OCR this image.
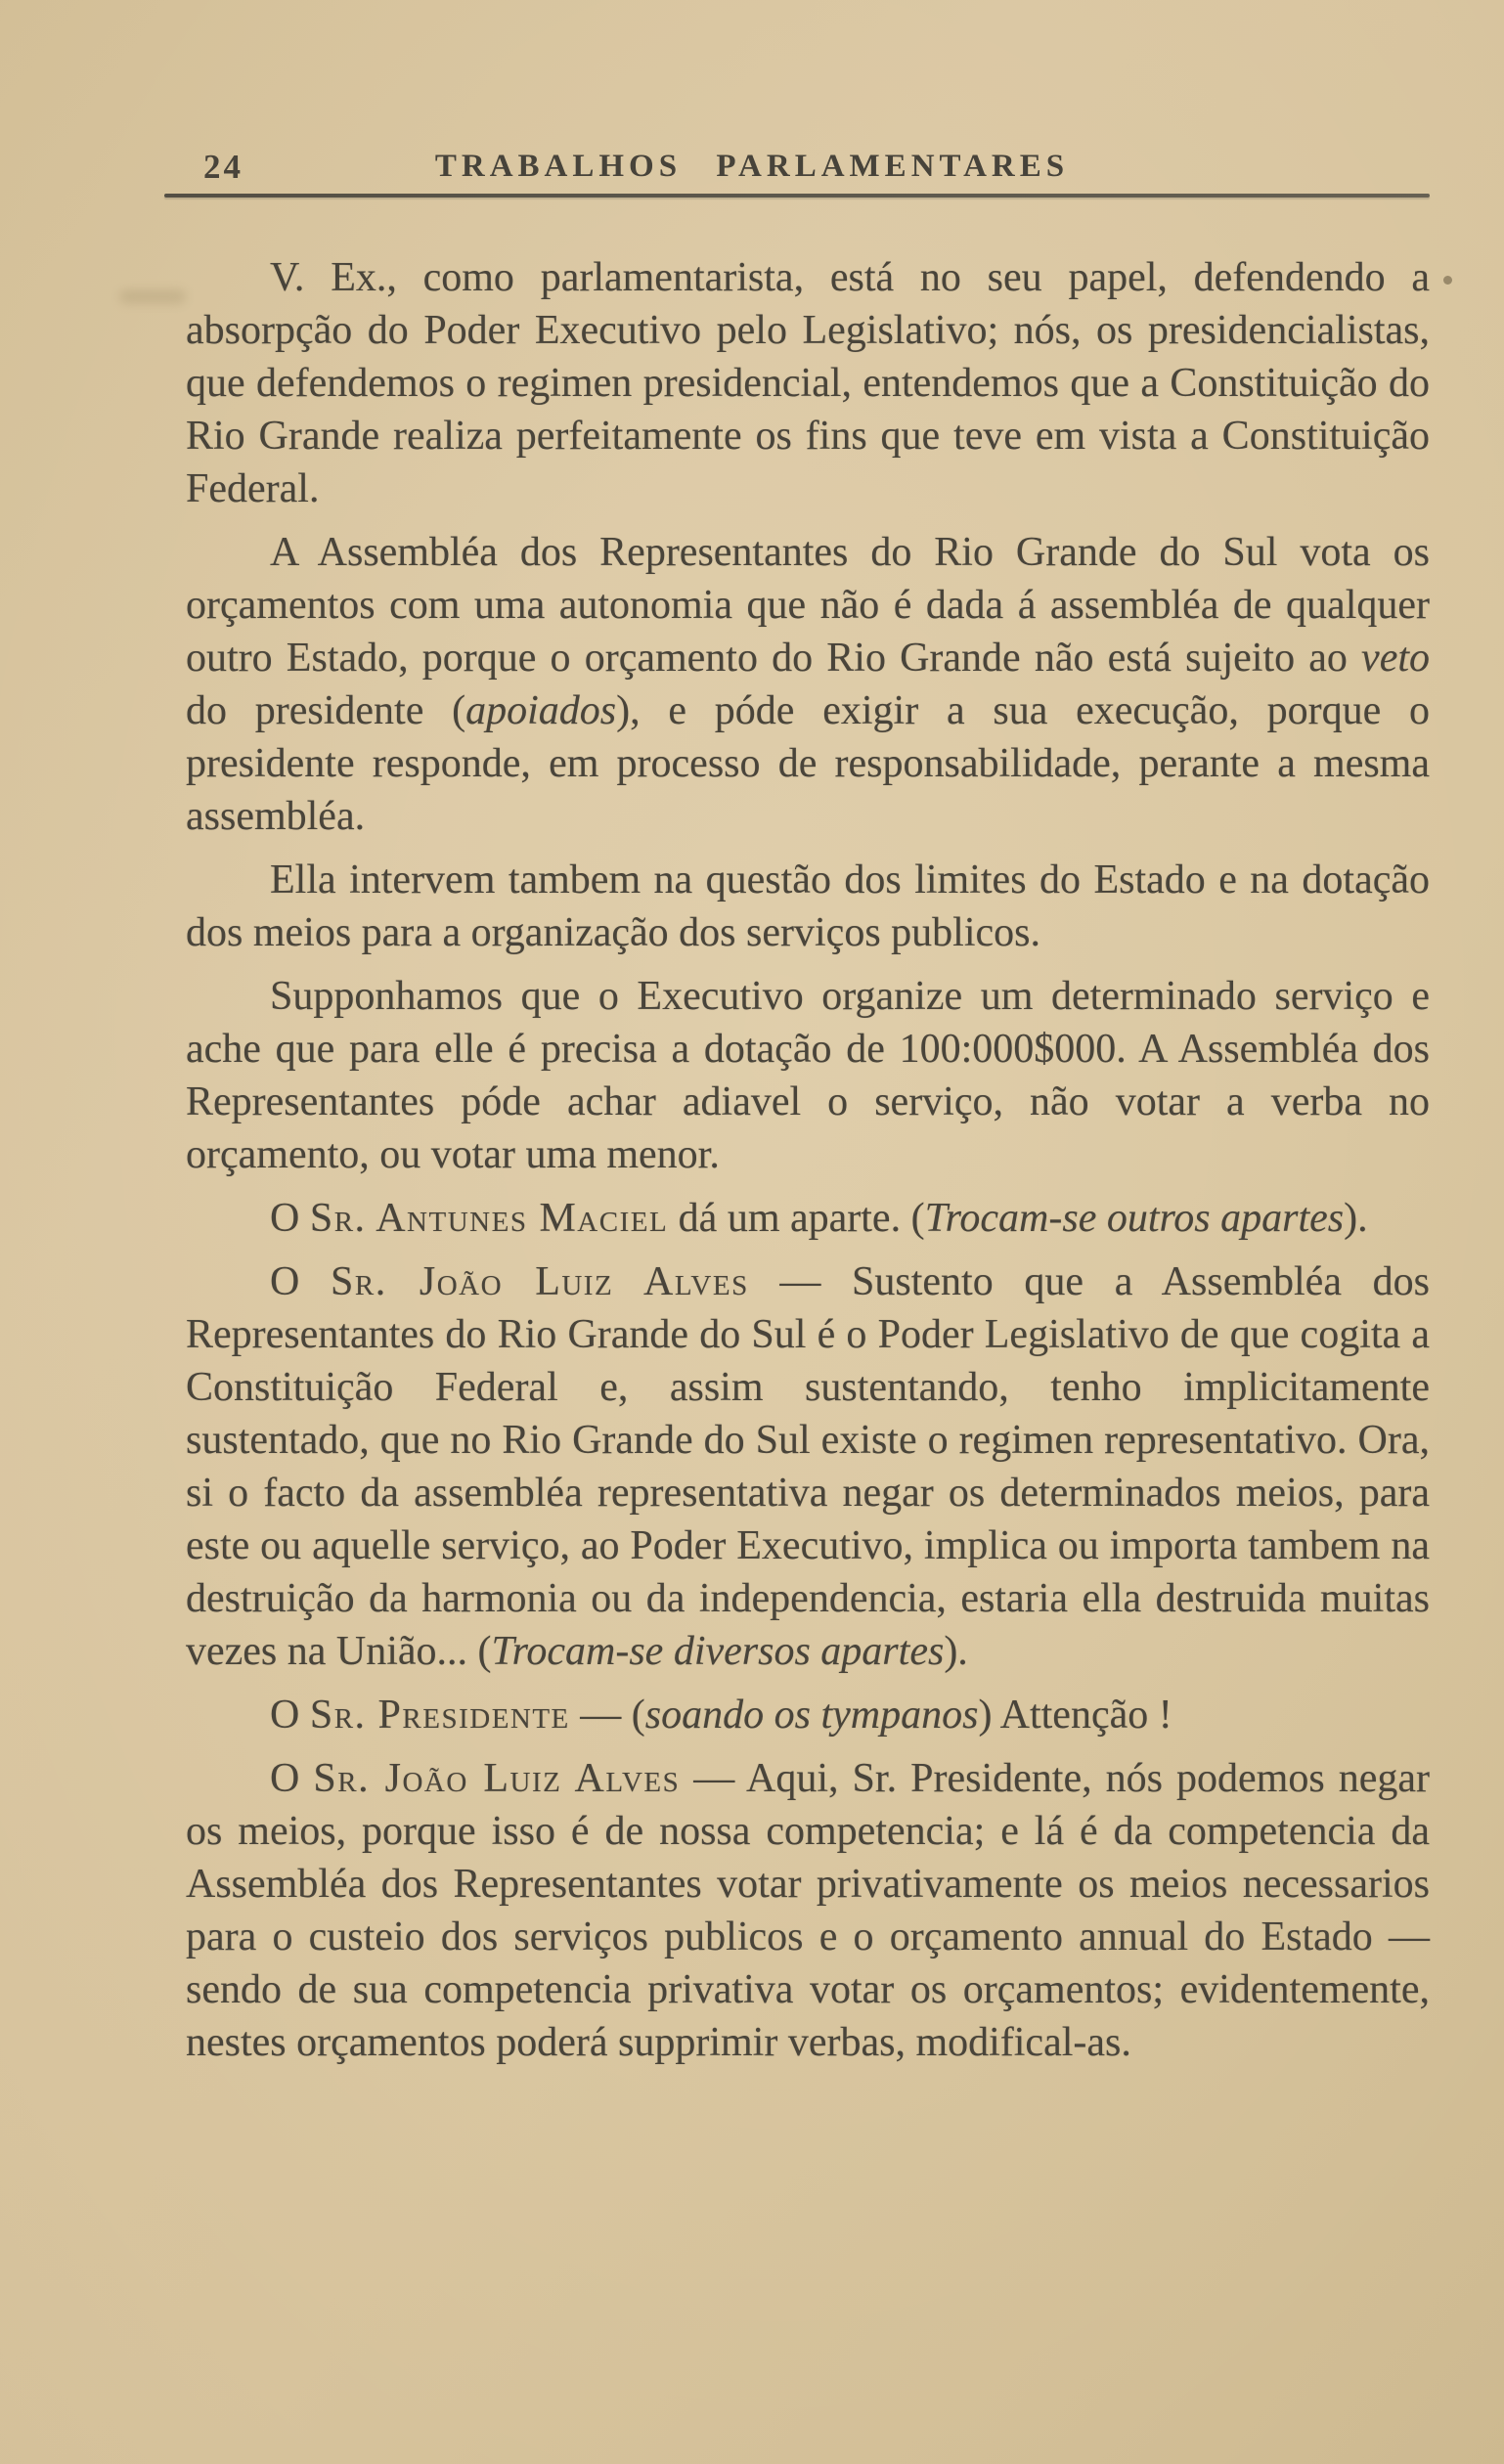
24	TRABALHOS PARLAMENTARES

V. Ex., como parlamentarista, está no seu papel, defendendo a absorpção do Poder Executivo pelo Legislativo; nós, os presidencialistas, que defendemos o regimen presidencial, entendemos que a Constituição do Rio Grande realiza perfeitamente os fins que teve em vista a Constituição Federal.

A Assembléa dos Representantes do Rio Grande do Sul vota os orçamentos com uma autonomia que não é dada á assembléa de qualquer outro Estado, porque o orçamento do Rio Grande não está sujeito ao veto do presidente (apoiados), e póde exigir a sua execução, porque o presidente responde, em processo de responsabilidade, perante a mesma assembléa.

Ella intervem tambem na questão dos limites do Estado e na dotação dos meios para a organização dos serviços publicos.

Supponhamos que o Executivo organize um determinado serviço e ache que para elle é precisa a dotação de 100:000$000. A Assembléa dos Representantes póde achar adiavel o serviço, não votar a verba no orçamento, ou votar uma menor.

O Sr. Antunes Maciel dá um aparte. (Trocam-se outros apartes).

O Sr. João Luiz Alves — Sustento que a Assembléa dos Representantes do Rio Grande do Sul é o Poder Legislativo de que cogita a Constituição Federal e, assim sustentando, tenho implicitamente sustentado, que no Rio Grande do Sul existe o regimen representativo. Ora, si o facto da assembléa representativa negar os determinados meios, para este ou aquelle serviço, ao Poder Executivo, implica ou importa tambem na destruição da harmonia ou da independencia, estaria ella destruida muitas vezes na União... (Trocam-se diversos apartes).

O Sr. Presidente — (soando os tympanos) Attenção !

O Sr. João Luiz Alves — Aqui, Sr. Presidente, nós podemos negar os meios, porque isso é de nossa competencia; e lá é da competencia da Assembléa dos Representantes votar privativamente os meios necessarios para o custeio dos serviços publicos e o orçamento annual do Estado — sendo de sua competencia privativa votar os orçamentos; evidentemente, nestes orçamentos poderá supprimir verbas, modifical-as.
